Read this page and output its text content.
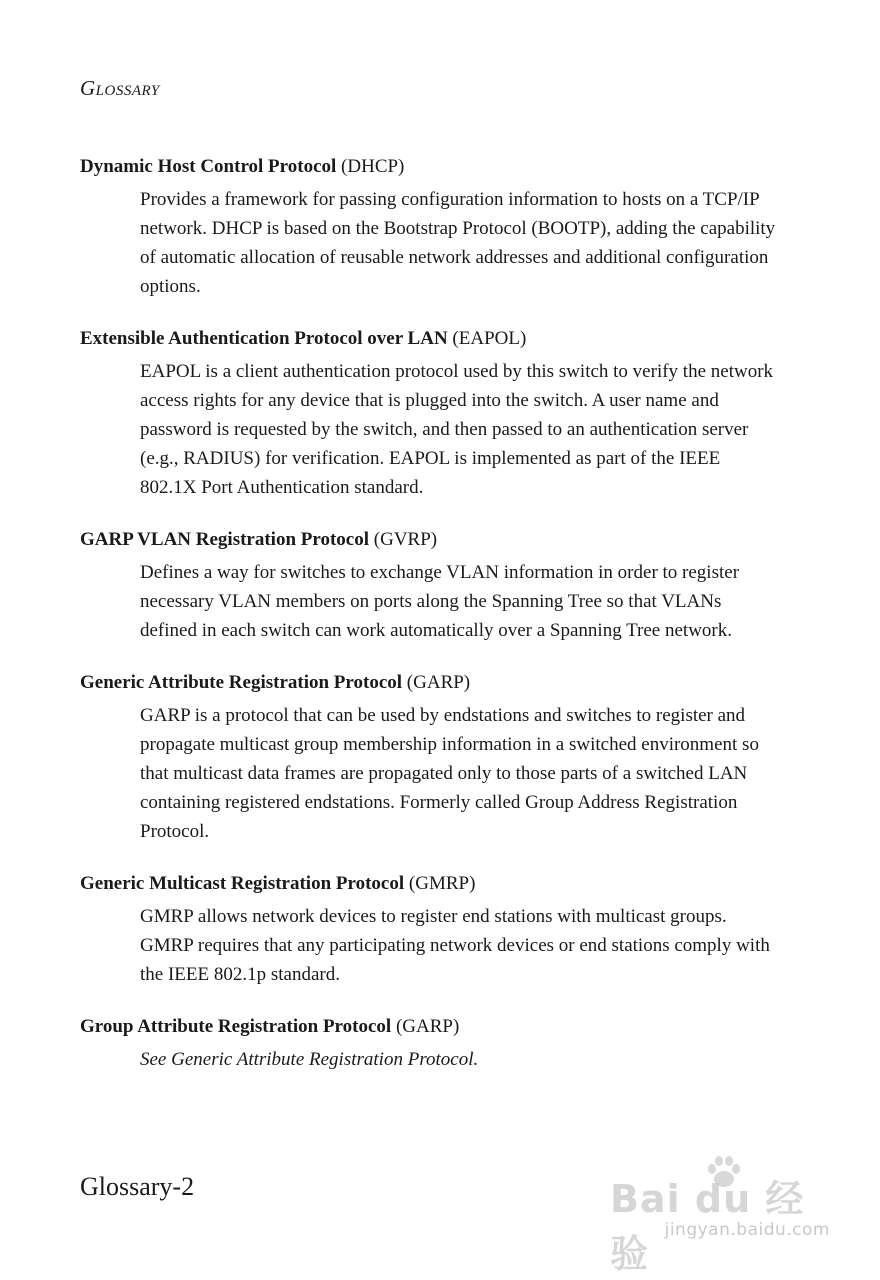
Glossary

Dynamic Host Control Protocol (DHCP)

Provides a framework for passing configuration information to hosts on a TCP/IP network. DHCP is based on the Bootstrap Protocol (BOOTP), adding the capability of automatic allocation of reusable network addresses and additional configuration options.

Extensible Authentication Protocol over LAN (EAPOL)

EAPOL is a client authentication protocol used by this switch to verify the network access rights for any device that is plugged into the switch. A user name and password is requested by the switch, and then passed to an authentication server (e.g., RADIUS) for verification. EAPOL is implemented as part of the IEEE 802.1X Port Authentication standard.

GARP VLAN Registration Protocol (GVRP)

Defines a way for switches to exchange VLAN information in order to register necessary VLAN members on ports along the Spanning Tree so that VLANs defined in each switch can work automatically over a Spanning Tree network.

Generic Attribute Registration Protocol (GARP)

GARP is a protocol that can be used by endstations and switches to register and propagate multicast group membership information in a switched environment so that multicast data frames are propagated only to those parts of a switched LAN containing registered endstations. Formerly called Group Address Registration Protocol.

Generic Multicast Registration Protocol (GMRP)

GMRP allows network devices to register end stations with multicast groups. GMRP requires that any participating network devices or end stations comply with the IEEE 802.1p standard.

Group Attribute Registration Protocol (GARP)

See Generic Attribute Registration Protocol.

Glossary-2	Bai du 经验
jingyan.baidu.com
